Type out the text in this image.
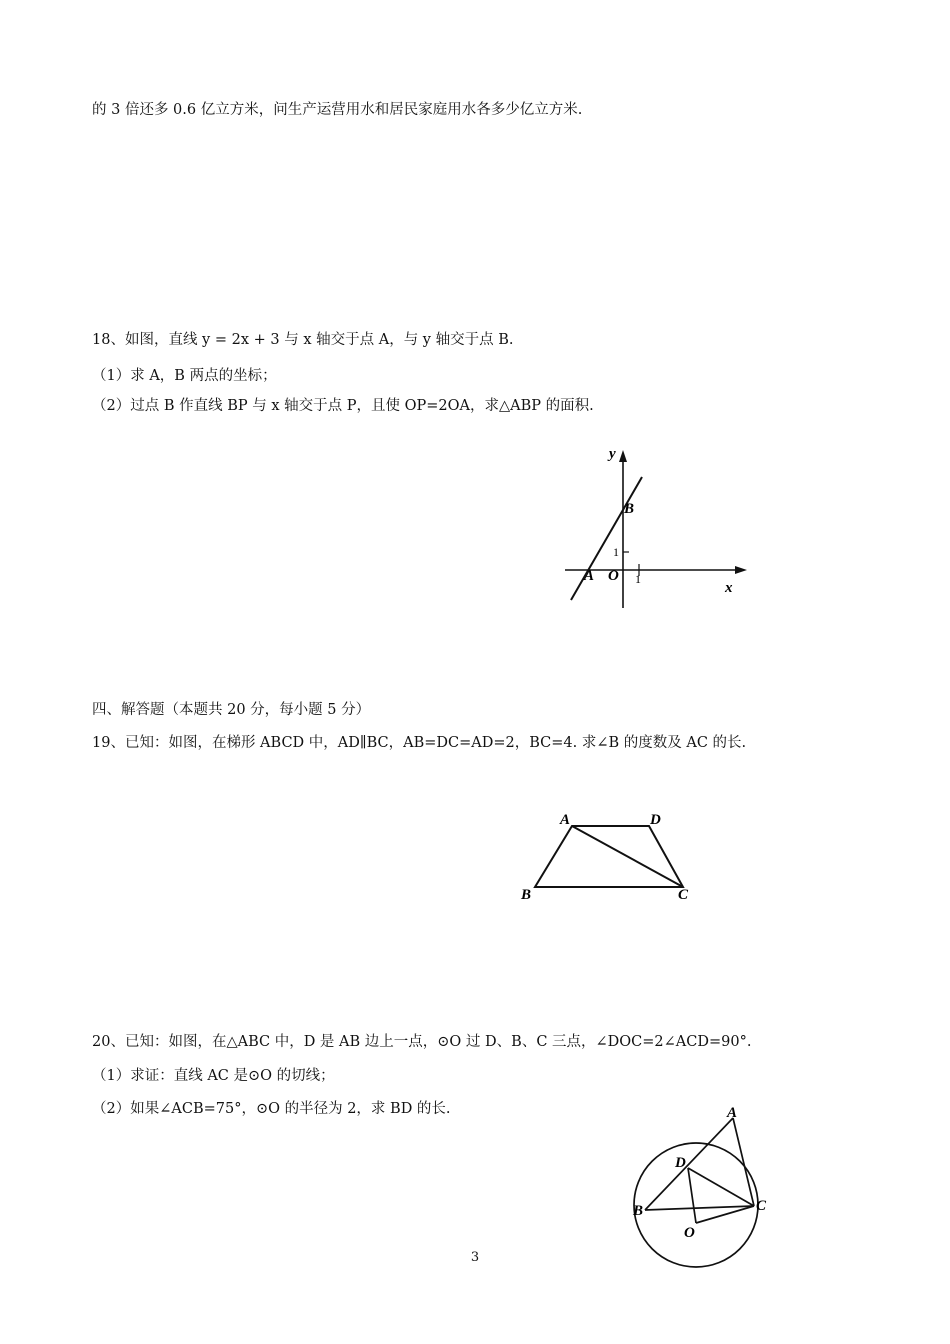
的 3 倍还多 0.6 亿立方米，问生产运营用水和居民家庭用水各多少亿立方米.
18、如图，直线 y = 2x + 3 与 x 轴交于点 A，与 y 轴交于点 B.
（1）求 A，B 两点的坐标；
（2）过点 B 作直线 BP 与 x 轴交于点 P，且使 OP=2OA，求△ABP 的面积.
y
x
B
A O
1
1
四、解答题（本题共 20 分，每小题 5 分）
19、已知：如图，在梯形 ABCD 中，AD∥BC，AB=DC=AD=2，BC=4. 求∠B 的度数及 AC 的长.
A	D
B	C
20、已知：如图，在△ABC 中，D 是 AB 边上一点，⊙O 过 D、B、C 三点，∠DOC=2∠ACD=90°.
（1）求证：直线 AC 是⊙O 的切线；
（2）如果∠ACB=75°，⊙O 的半径为 2，求 BD 的长.	A
D
B	C
O
3
